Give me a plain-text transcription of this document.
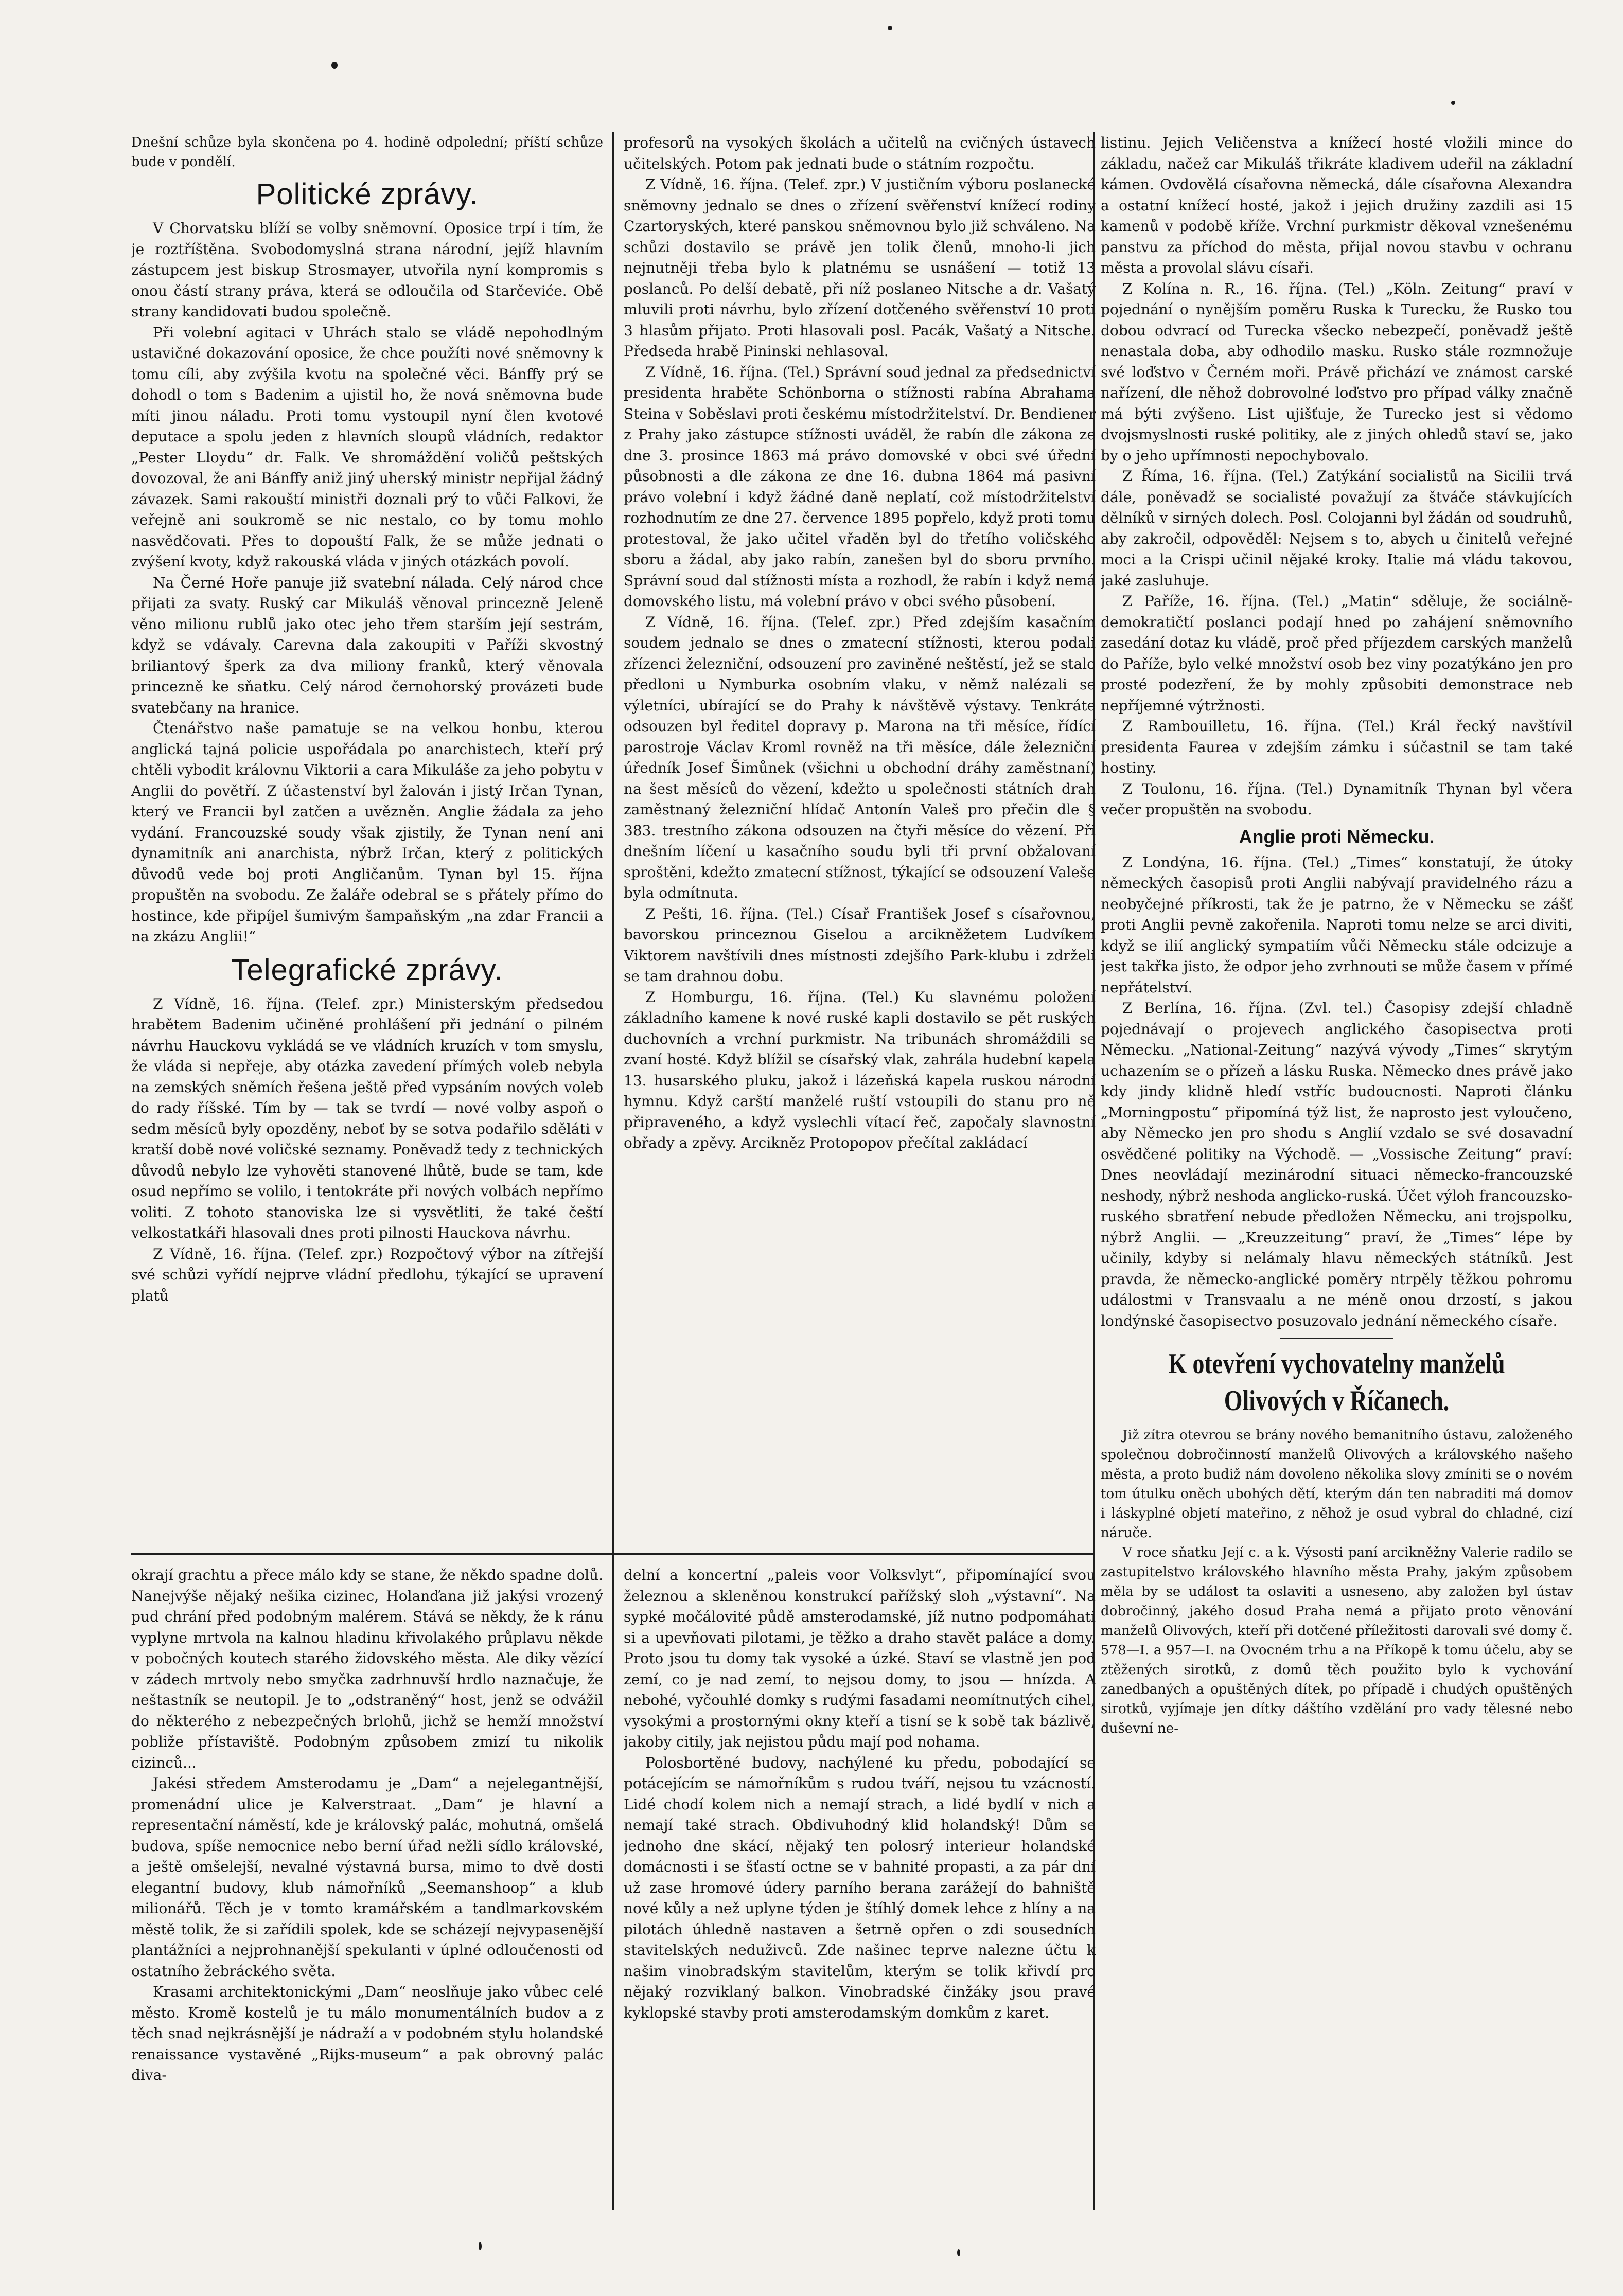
Dnešní schůze byla skončena po 4. hodině odpolední; příští schůze bude v pondělí.

Politické zprávy.

V Chorvatsku blíží se volby sněmovní. Oposice trpí i tím, že je roztříštěna. Svobodomyslná strana národní, jejíž hlavním zástupcem jest biskup Strosmayer, utvořila nyní kompromis s onou částí strany práva, která se odloučila od Starčeviće. Obě strany kandidovati budou společně.

Při volební agitaci v Uhrách stalo se vládě nepohodlným ustavičné dokazování oposice, že chce použíti nové sněmovny k tomu cíli, aby zvýšila kvotu na společné věci. Bánffy prý se dohodl o tom s Badenim a ujistil ho, že nová sněmovna bude míti jinou náladu. Proti tomu vystoupil nyní člen kvotové deputace a spolu jeden z hlavních sloupů vládních, redaktor „Pester Lloydu“ dr. Falk. Ve shromáždění voličů peštských dovozoval, že ani Bánffy aniž jiný uherský ministr nepřijal žádný závazek. Sami rakouští ministři doznali prý to vůči Falkovi, že veřejně ani soukromě se nic nestalo, co by tomu mohlo nasvědčovati. Přes to dopouští Falk, že se může jednati o zvýšení kvoty, když rakouská vláda v jiných otázkách povolí.

Na Černé Hoře panuje již svatební nálada. Celý národ chce přijati za svaty. Ruský car Mikuláš věnoval princezně Jeleně věno milionu rublů jako otec jeho třem starším její sestrám, když se vdávaly. Carevna dala zakoupiti v Paříži skvostný briliantový šperk za dva miliony franků, který věnovala princezně ke sňatku. Celý národ černohorský provázeti bude svatebčany na hranice.

Čtenářstvo naše pamatuje se na velkou honbu, kterou anglická tajná policie uspořádala po anarchistech, kteří prý chtěli vybodit královnu Viktorii a cara Mikuláše za jeho pobytu v Anglii do povětří. Z účastenství byl žalován i jistý Irčan Tynan, který ve Francii byl zatčen a uvězněn. Anglie žádala za jeho vydání. Francouzské soudy však zjistily, že Tynan není ani dynamitník ani anarchista, nýbrž Irčan, který z politických důvodů vede boj proti Angličanům. Tynan byl 15. října propuštěn na svobodu. Ze žaláře odebral se s přátely přímo do hostince, kde připíjel šumivým šampaňským „na zdar Francii a na zkázu Anglii!“

Telegrafické zprávy.

Z Vídně, 16. října. (Telef. zpr.) Ministerským předsedou hrabětem Badenim učiněné prohlášení při jednání o pilném návrhu Hauckovu vykládá se ve vládních kruzích v tom smyslu, že vláda si nepřeje, aby otázka zavedení přímých voleb nebyla na zemských sněmích řešena ještě před vypsáním nových voleb do rady říšské. Tím by — tak se tvrdí — nové volby aspoň o sedm měsíců byly opozděny, neboť by se sotva podařilo sděláti v kratší době nové voličské seznamy. Poněvadž tedy z technických důvodů nebylo lze vyhověti stanovené lhůtě, bude se tam, kde osud nepřímo se volilo, i tentokráte při nových volbách nepřímo voliti. Z tohoto stanoviska lze si vysvětliti, že také čeští velkostatkáři hlasovali dnes proti pilnosti Hauckova návrhu.

Z Vídně, 16. října. (Telef. zpr.) Rozpočtový výbor na zítřejší své schůzi vyřídí nejprve vládní předlohu, týkající se upravení platů

profesorů na vysokých školách a učitelů na cvičných ústavech učitelských. Potom pak jednati bude o státním rozpočtu.

Z Vídně, 16. října. (Telef. zpr.) V justičním výboru poslanecké sněmovny jednalo se dnes o zřízení svěřenství knížecí rodiny Czartoryských, které panskou sněmovnou bylo již schváleno. Na schůzi dostavilo se právě jen tolik členů, mnoho-li jich nejnutněji třeba bylo k platnému se usnášení — totiž 13 poslanců. Po delší debatě, při níž poslaneo Nitsche a dr. Vašatý mluvili proti návrhu, bylo zřízení dotčeného svěřenství 10 proti 3 hlasům přijato. Proti hlasovali posl. Pacák, Vašatý a Nitsche. Předseda hrabě Pininski nehlasoval.

Z Vídně, 16. října. (Tel.) Správní soud jednal za předsednictví presidenta hraběte Schönborna o stížnosti rabína Abrahama Steina v Soběslavi proti českému místodržitelství. Dr. Bendiener z Prahy jako zástupce stížnosti uváděl, že rabín dle zákona ze dne 3. prosince 1863 má právo domovské v obci své úřední působnosti a dle zákona ze dne 16. dubna 1864 má pasivní právo volební i když žádné daně neplatí, což místodržitelství rozhodnutím ze dne 27. července 1895 popřelo, když proti tomu protestoval, že jako učitel vřaděn byl do třetího voličského sboru a žádal, aby jako rabín, zanešen byl do sboru prvního. Správní soud dal stížnosti místa a rozhodl, že rabín i když nemá domovského listu, má volební právo v obci svého působení.

Z Vídně, 16. října. (Telef. zpr.) Před zdejším kasačním soudem jednalo se dnes o zmatecní stížnosti, kterou podali zřízenci železniční, odsouzení pro zaviněné neštěstí, jež se stalo předloni u Nymburka osobním vlaku, v němž nalézali se výletníci, ubírající se do Prahy k návštěvě výstavy. Tenkráte odsouzen byl ředitel dopravy p. Marona na tři měsíce, řídící parostroje Václav Kroml rovněž na tři měsíce, dále železniční úředník Josef Šimůnek (všichni u obchodní dráhy zaměstnaní) na šest měsíců do vězení, kdežto u společnosti státních drah zaměstnaný železniční hlídač Antonín Valeš pro přečin dle § 383. trestního zákona odsouzen na čtyři měsíce do vězení. Při dnešním líčení u kasačního soudu byli tři první obžalovaní sproštěni, kdežto zmatecní stížnost, týkající se odsouzení Valeše byla odmítnuta.

Z Pešti, 16. října. (Tel.) Císař František Josef s císařovnou, bavorskou princeznou Giselou a arcikněžetem Ludvíkem Viktorem navštívili dnes místnosti zdejšího Park-klubu i zdrželi se tam drahnou dobu.

Z Homburgu, 16. října. (Tel.) Ku slavnému položení základního kamene k nové ruské kapli dostavilo se pět ruských duchovních a vrchní purkmistr. Na tribunách shromáždili se zvaní hosté. Když blížil se císařský vlak, zahrála hudební kapela 13. husarského pluku, jakož i lázeňská kapela ruskou národní hymnu. Když carští manželé ruští vstoupili do stanu pro ně připraveného, a když vyslechli vítací řeč, započaly slavnostní obřady a zpěvy. Arcikněz Protopopov přečítal zakládací

listinu. Jejich Veličenstva a knížecí hosté vložili mince do základu, načež car Mikuláš třikráte kladivem udeřil na základní kámen. Ovdovělá císařovna německá, dále císařovna Alexandra a ostatní knížecí hosté, jakož i jejich družiny zazdili asi 15 kamenů v podobě kříže. Vrchní purkmistr děkoval vznešenému panstvu za příchod do města, přijal novou stavbu v ochranu města a provolal slávu císaři.

Z Kolína n. R., 16. října. (Tel.) „Köln. Zeitung“ praví v pojednání o nynějším poměru Ruska k Turecku, že Rusko tou dobou odvrací od Turecka všecko nebezpečí, poněvadž ještě nenastala doba, aby odhodilo masku. Rusko stále rozmnožuje své loďstvo v Černém moři. Právě přichází ve známost carské nařízení, dle něhož dobrovolné loďstvo pro případ války značně má býti zvýšeno. List ujišťuje, že Turecko jest si vědomo dvojsmyslnosti ruské politiky, ale z jiných ohledů staví se, jako by o jeho upřímnosti nepochybovalo.

Z Říma, 16. října. (Tel.) Zatýkání socialistů na Sicilii trvá dále, poněvadž se socialisté považují za štváče stávkujících dělníků v sirných dolech. Posl. Colojanni byl žádán od soudruhů, aby zakročil, odpověděl: Nejsem s to, abych u činitelů veřejné moci a la Crispi učinil nějaké kroky. Italie má vládu takovou, jaké zasluhuje.

Z Paříže, 16. října. (Tel.) „Matin“ sděluje, že sociálně-demokratičtí poslanci podají hned po zahájení sněmovního zasedání dotaz ku vládě, proč před příjezdem carských manželů do Paříže, bylo velké množství osob bez viny pozatýkáno jen pro prosté podezření, že by mohly způsobiti demonstrace neb nepříjemné výtržnosti.

Z Rambouilletu, 16. října. (Tel.) Král řecký navštívil presidenta Faurea v zdejším zámku i súčastnil se tam také hostiny.

Z Toulonu, 16. října. (Tel.) Dynamitník Thynan byl včera večer propuštěn na svobodu.

Anglie proti Německu.

Z Londýna, 16. října. (Tel.) „Times“ konstatují, že útoky německých časopisů proti Anglii nabývají pravidelného rázu a neobyčejné příkrosti, tak že je patrno, že v Německu se zášť proti Anglii pevně zakořenila. Naproti tomu nelze se arci diviti, když se ilií anglický sympatiím vůči Německu stále odcizuje a jest takřka jisto, že odpor jeho zvrhnouti se může časem v přímé nepřátelství.

Z Berlína, 16. října. (Zvl. tel.) Časopisy zdejší chladně pojednávají o projevech anglického časopisectva proti Německu. „National-Zeitung“ nazývá vývody „Times“ skrytým uchazením se o přízeň a lásku Ruska. Německo dnes právě jako kdy jindy klidně hledí vstříc budoucnosti. Naproti článku „Morningpostu“ připomíná týž list, že naprosto jest vyloučeno, aby Německo jen pro shodu s Anglií vzdalo se své dosavadní osvědčené politiky na Východě. — „Vossische Zeitung“ praví: Dnes neovládají mezinárodní situaci německo-francouzské neshody, nýbrž neshoda anglicko-ruská. Účet výloh francouzsko-ruského sbratření nebude předložen Německu, ani trojspolku, nýbrž Anglii. — „Kreuzzeitung“ praví, že „Times“ lépe by učinily, kdyby si nelámaly hlavu německých státníků. Jest pravda, že německo-anglické poměry ntrpěly těžkou pohromu událostmi v Transvaalu a ne méně onou drzostí, s jakou londýnské časopisectvo posuzovalo jednání německého císaře.

K otevření vychovatelny manželů Olivových v Říčanech.

Již zítra otevrou se brány nového bemanitního ústavu, založeného společnou dobročinností manželů Olivových a královského našeho města, a proto budiž nám dovoleno několika slovy zmíniti se o novém tom útulku oněch ubohých dětí, kterým dán ten nabraditi má domov i láskyplné objetí mateřino, z něhož je osud vybral do chladné, cizí náruče.

V roce sňatku Její c. a k. Výsosti paní arcikněžny Valerie radilo se zastupitelstvo královského hlavního města Prahy, jakým způsobem měla by se událost ta oslaviti a usneseno, aby založen byl ústav dobročinný, jakého dosud Praha nemá a přijato proto věnování manželů Olivových, kteří při dotčené příležitosti darovali své domy č. 578—I. a 957—I. na Ovocném trhu a na Příkopě k tomu účelu, aby se ztěžených sirotků, z domů těch použito bylo k vychování zanedbaných a opuštěných dítek, po případě i chudých opuštěných sirotků, vyjímaje jen dítky dáštího vzdělání pro vady tělesné nebo duševní ne-

okrají grachtu a přece málo kdy se stane, že někdo spadne dolů. Nanejvýše nějaký nešika cizinec, Holanďana již jakýsi vrozený pud chrání před podobným malérem. Stává se někdy, že k ránu vyplyne mrtvola na kalnou hladinu křivolakého průplavu někde v pobočných koutech starého židovského města. Ale diky vězící v zádech mrtvoly nebo smyčka zadrhnuvší hrdlo naznačuje, že neštastník se neutopil. Je to „odstraněný“ host, jenž se odvážil do některého z nebezpečných brlohů, jichž se hemží množství pobliže přístaviště. Podobným způsobem zmizí tu nikolik cizinců...

Jakési středem Amsterodamu je „Dam“ a nejelegantnější, promenádní ulice je Kalverstraat. „Dam“ je hlavní a representační náměstí, kde je královský palác, mohutná, omšelá budova, spíše nemocnice nebo berní úřad nežli sídlo královské, a ještě omšelejší, nevalné výstavná bursa, mimo to dvě dosti elegantní budovy, klub námořníků „Seemanshoop“ a klub milionářů. Těch je v tomto kramářském a tandlmarkovském městě tolik, že si zařídili spolek, kde se scházejí nejvypasenější plantážníci a nejprohnanější spekulanti v úplné odloučenosti od ostatního žebráckého světa.

Krasami architektonickými „Dam“ neoslňuje jako vůbec celé město. Kromě kostelů je tu málo monumentálních budov a z těch snad nejkrásnější je nádraží a v podobném stylu holandské renaissance vystavěné „Rijks-museum“ a pak obrovný palác diva-

delní a koncertní „paleis voor Volksvlyt“, připomínající svou železnou a skleněnou konstrukcí pařížský sloh „výstavní“. Na sypké močálovité půdě amsterodamské, jíž nutno podpomáhati si a upevňovati pilotami, je těžko a draho stavět paláce a domy. Proto jsou tu domy tak vysoké a úzké. Staví se vlastně jen pod zemí, co je nad zemí, to nejsou domy, to jsou — hnízda. A nebohé, vyčouhlé domky s rudými fasadami neomítnutých cihel, vysokými a prostornými okny kteří a tisní se k sobě tak bázlivě, jakoby citily, jak nejistou půdu mají pod nohama.

Polosbortěné budovy, nachýlené ku předu, pobodající se potácejícím se námořníkům s rudou tváří, nejsou tu vzácností. Lidé chodí kolem nich a nemají strach, a lidé bydlí v nich a nemají také strach. Obdivuhodný klid holandský! Dům se jednoho dne skácí, nějaký ten polosrý interieur holandské domácnosti i se šťastí octne se v bahnité propasti, a za pár dní už zase hromové údery parního berana zarážejí do bahniště nové kůly a než uplyne týden je štíhlý domek lehce z hlíny a na pilotách úhledně nastaven a šetrně opřen o zdi sousedních stavitelských neduživců. Zde našinec teprve nalezne účtu k našim vinobradským stavitelům, kterým se tolik křivdí pro nějaký rozviklaný balkon. Vinobradské činžáky jsou pravé kyklopské stavby proti amsterodamským domkům z karet.
